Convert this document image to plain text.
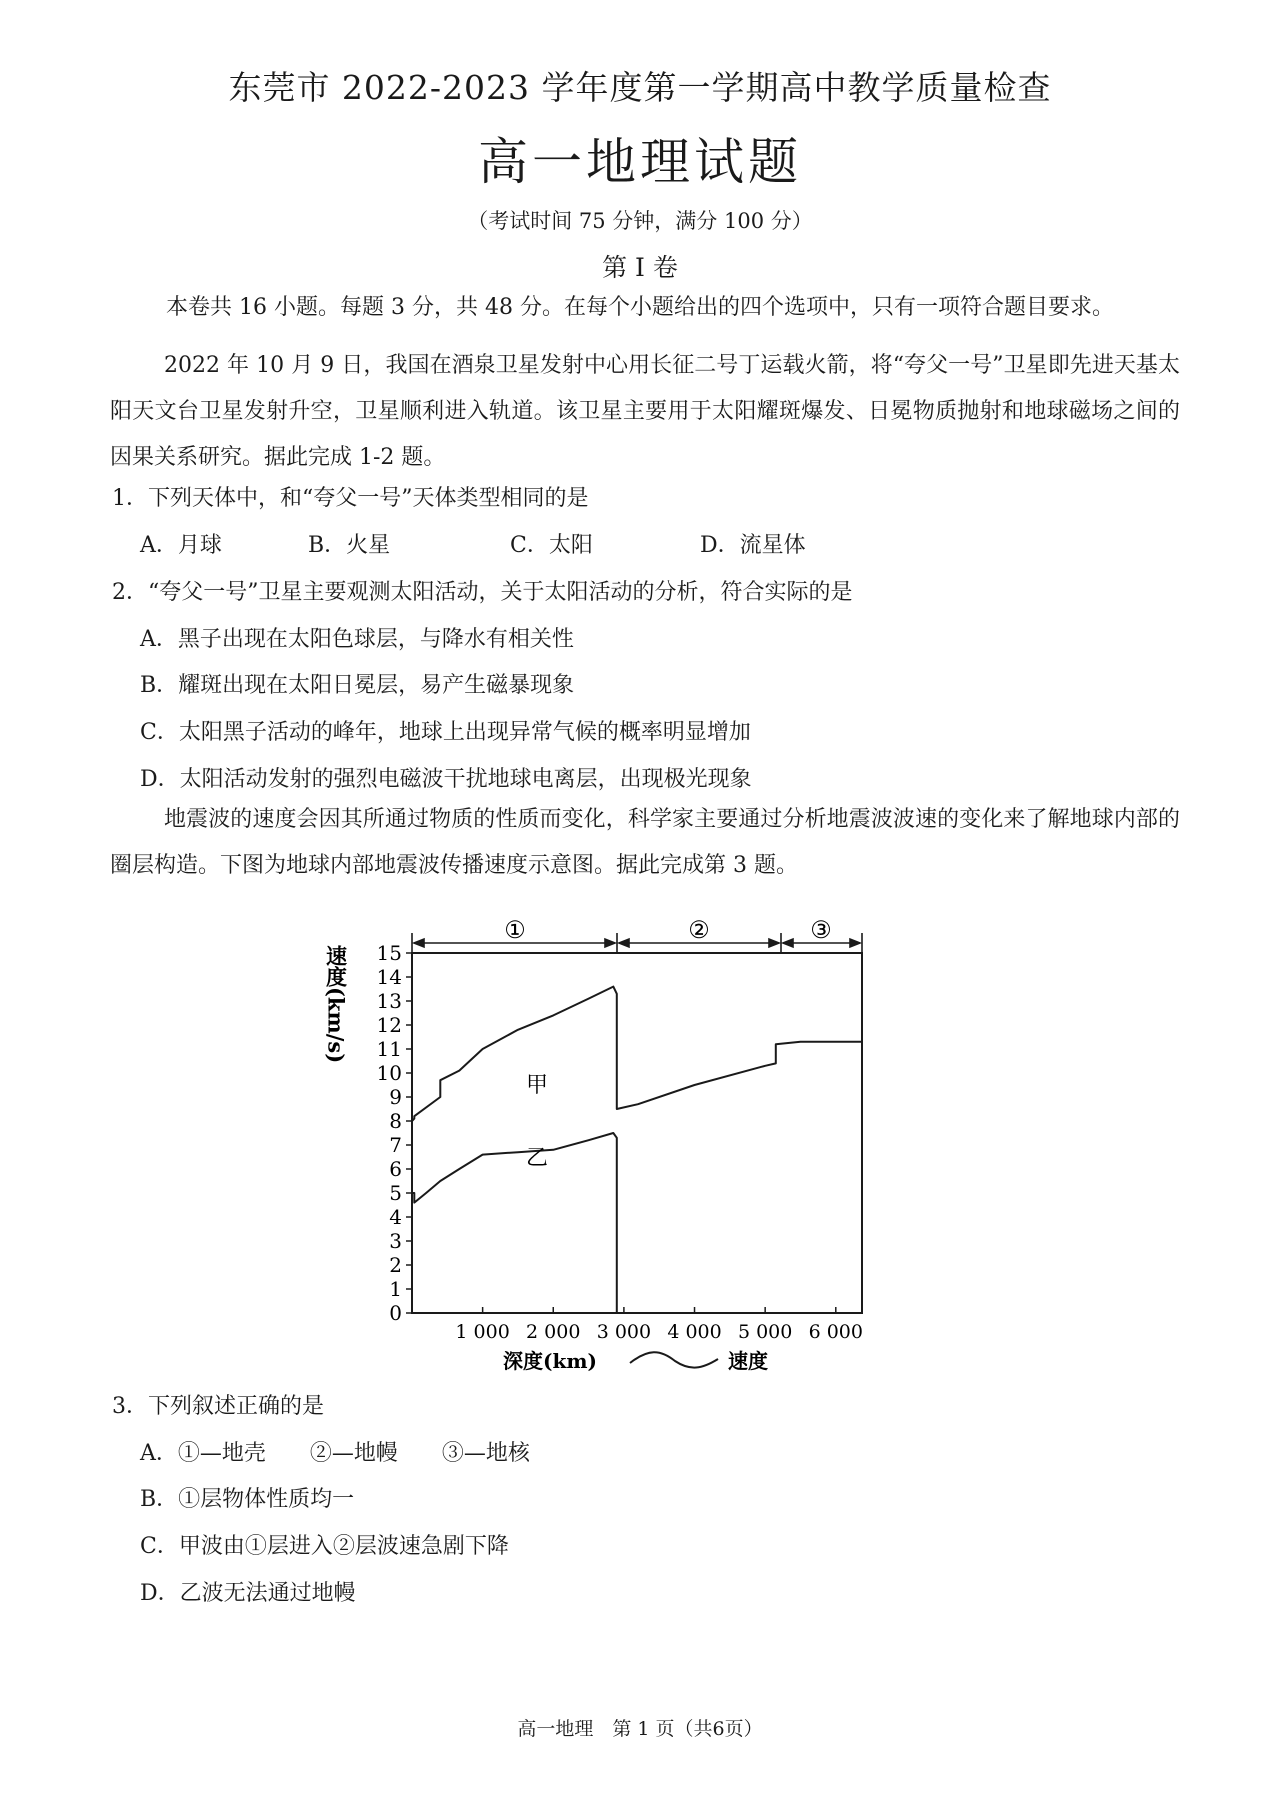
东莞市 2022-2023 学年度第一学期高中教学质量检查
高一地理试题
（考试时间 75 分钟，满分 100 分）
第 I 卷
本卷共 16 小题。每题 3 分，共 48 分。在每个小题给出的四个选项中，只有一项符合题目要求。
2022 年 10 月 9 日，我国在酒泉卫星发射中心用长征二号丁运载火箭，将“夸父一号”卫星即先进天基太阳天文台卫星发射升空，卫星顺利进入轨道。该卫星主要用于太阳耀斑爆发、日冕物质抛射和地球磁场之间的因果关系研究。据此完成 1-2 题。
1．下列天体中，和“夸父一号”天体类型相同的是
A．月球	B．火星	C．太阳	D．流星体
2．“夸父一号”卫星主要观测太阳活动，关于太阳活动的分析，符合实际的是
A．黑子出现在太阳色球层，与降水有相关性
B．耀斑出现在太阳日冕层，易产生磁暴现象
C．太阳黑子活动的峰年，地球上出现异常气候的概率明显增加
D．太阳活动发射的强烈电磁波干扰地球电离层，出现极光现象
地震波的速度会因其所通过物质的性质而变化，科学家主要通过分析地震波波速的变化来了解地球内部的圈层构造。下图为地球内部地震波传播速度示意图。据此完成第 3 题。
①	②	③
速度(km/s)
0
1
2
3
4
5
6
7
8
9
10
11
12
13
14
15
1 000 2 000 3 000 4 000 5 000 6 000
甲
乙
深度(km)	速度
3．下列叙述正确的是
A．①—地壳　　②—地幔　　③—地核
B．①层物体性质均一
C．甲波由①层进入②层波速急剧下降
D．乙波无法通过地幔
高一地理　第 1 页（共6页）
